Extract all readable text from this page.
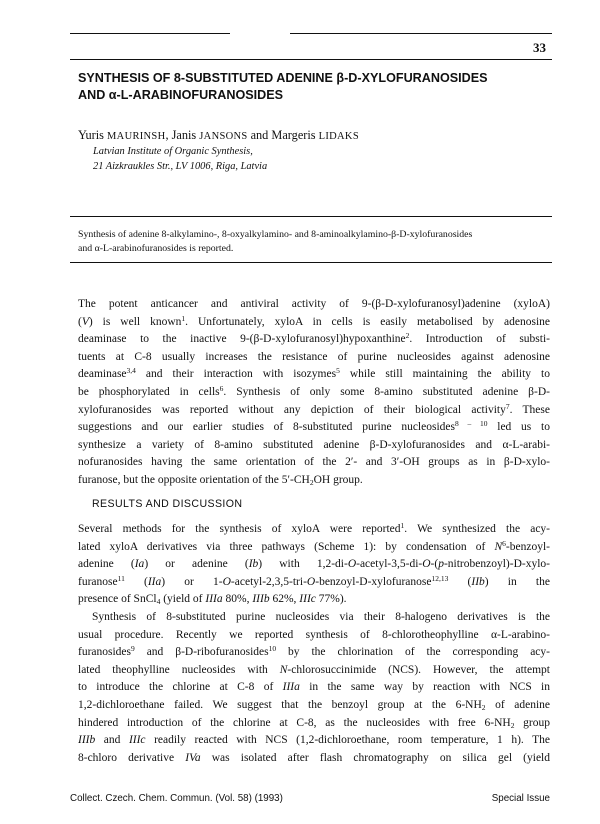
33
SYNTHESIS OF 8-SUBSTITUTED ADENINE β-D-XYLOFURANOSIDES
AND α-L-ARABINOFURANOSIDES
Yuris MAURINSH, Janis JANSONS and Margeris LIDAKS
Latvian Institute of Organic Synthesis,
21 Aizkraukles Str., LV 1006, Riga, Latvia
Synthesis of adenine 8-alkylamino-, 8-oxyalkylamino- and 8-aminoalkylamino-β-D-xylofuranosides
and α-L-arabinofuranosides is reported.
The potent anticancer and antiviral activity of 9-(β-D-xylofuranosyl)adenine (xyloA)
(V) is well known$^1$. Unfortunately, xyloA in cells is easily metabolised by adenosine
deaminase to the inactive 9-(β-D-xylofuranosyl)hypoxanthine$^2$. Introduction of substi-
tuents at C-8 usually increases the resistance of purine nucleosides against adenosine
deaminase$^{3,4}$ and their interaction with isozymes$^5$ while still maintaining the ability to
be phosphorylated in cells$^6$. Synthesis of only some 8-amino substituted adenine β-D-
xylofuranosides was reported without any depiction of their biological activity$^7$. These
suggestions and our earlier studies of 8-substituted purine nucleosides$^{8 - 10}$ led us to
synthesize a variety of 8-amino substituted adenine β-D-xylofuranosides and α-L-arabi-
nofuranosides having the same orientation of the 2′- and 3′-OH groups as in β-D-xylo-
furanose, but the opposite orientation of the $5'-CH_2OH$ group.
RESULTS AND DISCUSSION
Several methods for the synthesis of xyloA were reported$^1$. We synthesized the acy-
lated xyloA derivatives via three pathways (Scheme 1): by condensation of $N^6-benzoyl-$
adenine (Ia) or adenine (Ib) with 1,2-di-O-acetyl-3,5-di-O-(p-nitrobenzoyl)-D-xylo-
furanose$^{11}$ (IIa) or 1-O-acetyl-2,3,5-tri-O-benzoyl-D-xylofuranose$^{12,13}$ (IIb) in the
presence of SnCl$_4$ (yield of IIIa 80%, IIIb 62%, IIIc 77%).
Synthesis of 8-substituted purine nucleosides via their 8-halogeno derivatives is the
usual procedure. Recently we reported synthesis of 8-chlorotheophylline α-L-arabino-
furanosides$^9$ and β-D-ribofuranosides$^{10}$ by the chlorination of the corresponding acy-
lated theophylline nucleosides with N-chlorosuccinimide (NCS). However, the attempt
to introduce the chlorine at C-8 of IIIa in the same way by reaction with NCS in
1,2-dichloroethane failed. We suggest that the benzoyl group at the $6-NH_2$ of adenine
hindered introduction of the chlorine at C-8, as the nucleosides with free $6-NH_2$ group
IIIb and IIIc readily reacted with NCS (1,2-dichloroethane, room temperature, 1 h). The
8-chloro derivative IVa was isolated after flash chromatography on silica gel (yield
Collect. Czech. Chem. Commun. (Vol. 58) (1993)	Special Issue
